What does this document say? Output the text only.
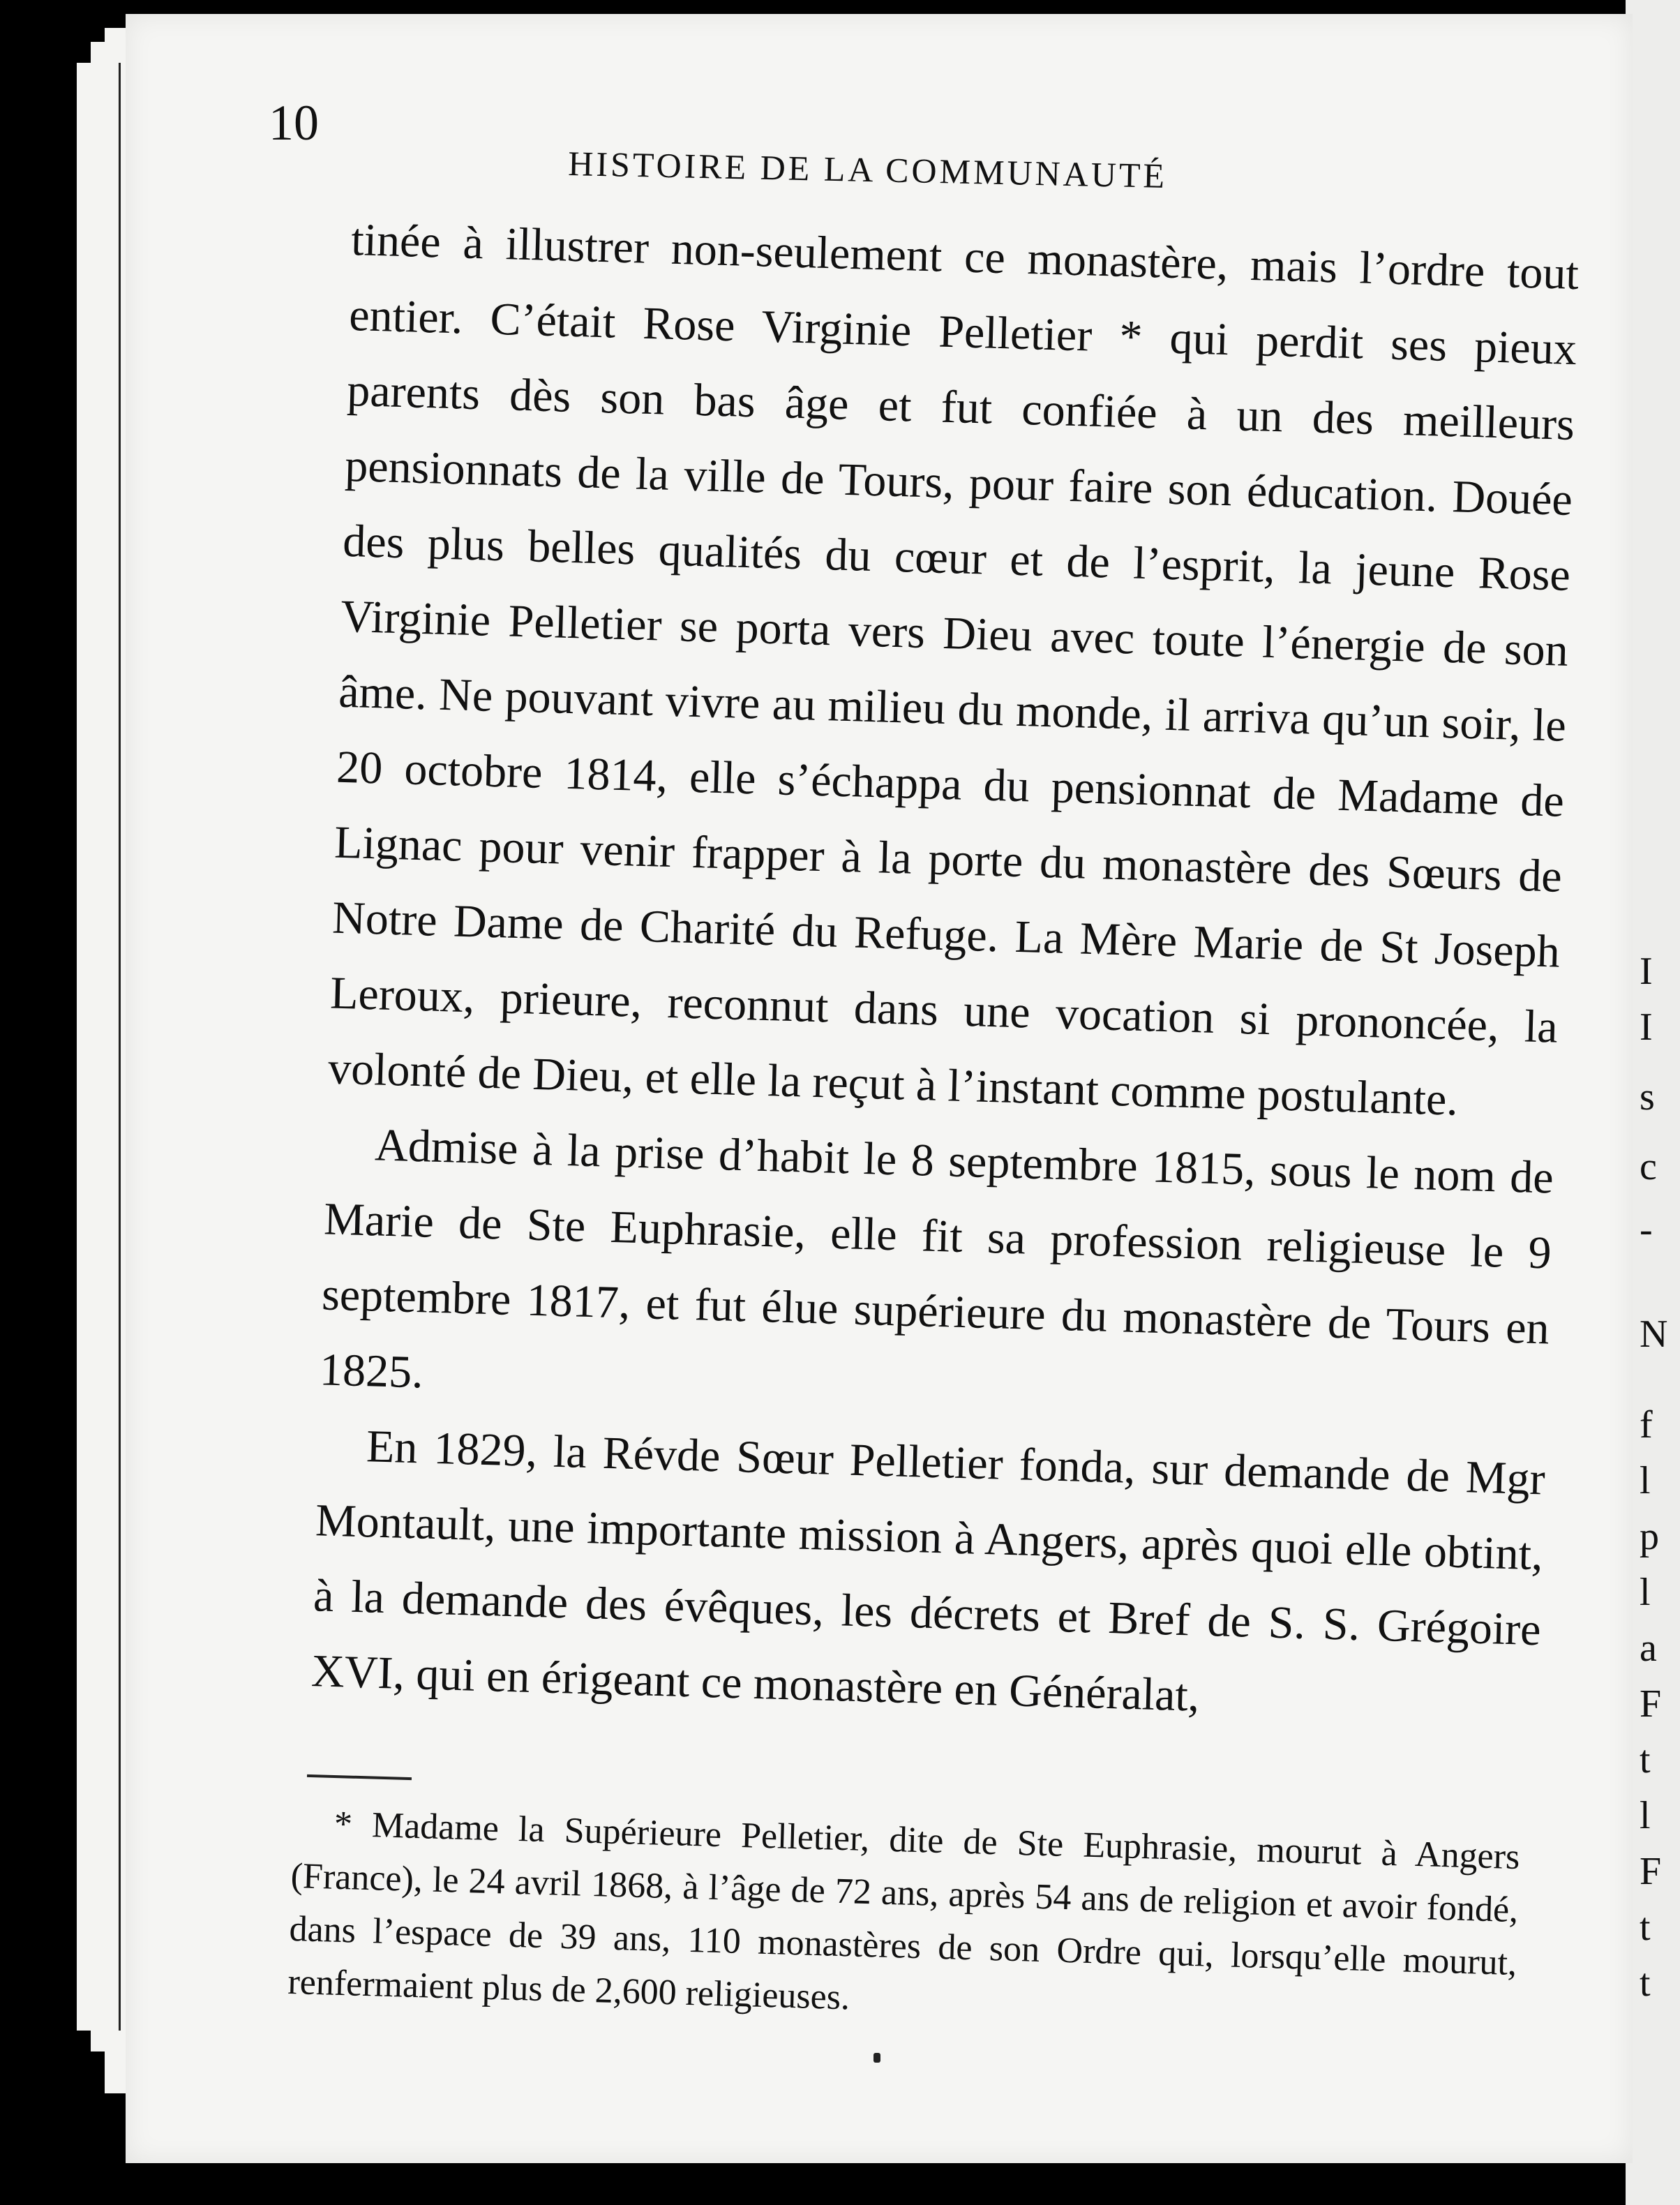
I
I
s
c
-
N
f
l
p
l
a
F
t
l
F
t
t
10
HISTOIRE DE LA COMMUNAUTÉ

tinée à illustrer non-seulement ce monastère, mais l’ordre tout entier. C’était Rose Virginie Pelletier * qui perdit ses pieux parents dès son bas âge et fut confiée à un des meilleurs pensionnats de la ville de Tours, pour faire son éducation. Douée des plus belles qualités du cœur et de l’esprit, la jeune Rose Virginie Pelletier se porta vers Dieu avec toute l’énergie de son âme. Ne pouvant vivre au milieu du monde, il arriva qu’un soir, le 20 octobre 1814, elle s’échappa du pensionnat de Madame de Lignac pour venir frapper à la porte du monastère des Sœurs de Notre Dame de Charité du Refuge. La Mère Marie de St Joseph Leroux, prieure, reconnut dans une vocation si prononcée, la volonté de Dieu, et elle la reçut à l’instant comme postulante.

Admise à la prise d’habit le 8 septembre 1815, sous le nom de Marie de Ste Euphrasie, elle fit sa profession religieuse le 9 septembre 1817, et fut élue supérieure du monastère de Tours en 1825.

En 1829, la Révde Sœur Pelletier fonda, sur demande de Mgr Montault, une importante mission à Angers, après quoi elle obtint, à la demande des évêques, les décrets et Bref de S. S. Grégoire XVI, qui en érigeant ce monastère en Généralat,

* Madame la Supérieure Pelletier, dite de Ste Euphrasie, mourut à Angers (France), le 24 avril 1868, à l’âge de 72 ans, après 54 ans de religion et avoir fondé, dans l’espace de 39 ans, 110 monastères de son Ordre qui, lorsqu’elle mourut, renfermaient plus de 2,600 religieuses.
